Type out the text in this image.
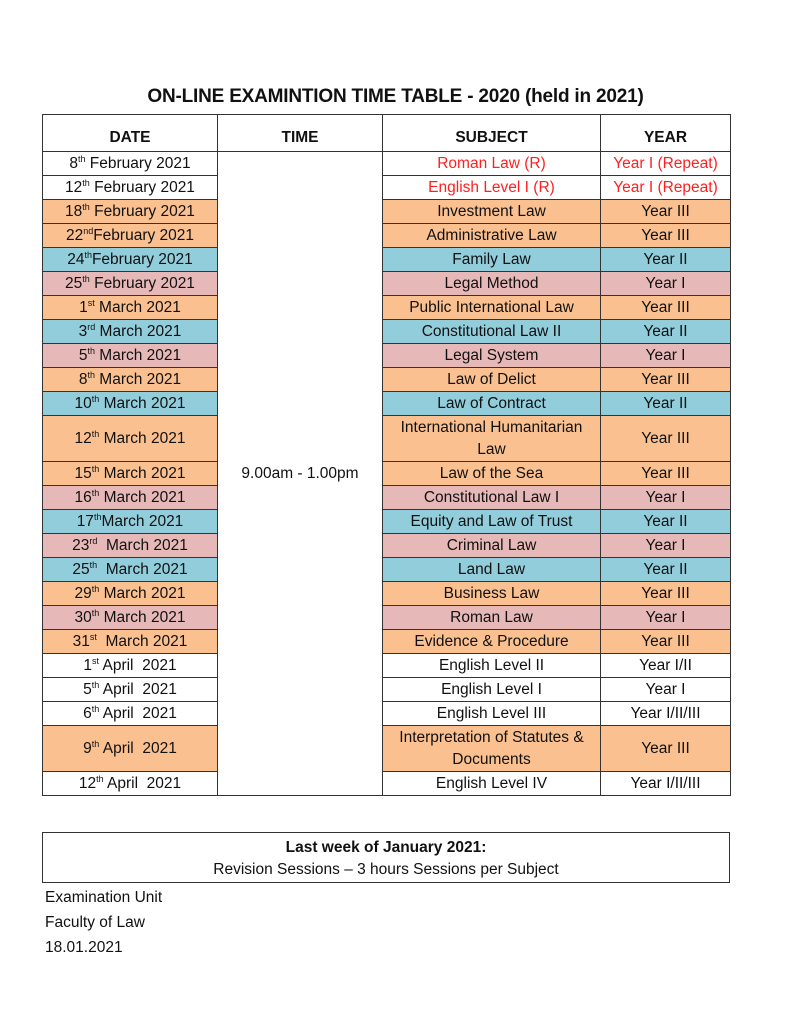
ON-LINE EXAMINTION TIME TABLE - 2020 (held in 2021)
DATE	TIME	SUBJECT	YEAR
8th February 2021	9.00am - 1.00pm	Roman Law (R)	Year I (Repeat)
12th February 2021		English Level I (R)	Year I (Repeat)
18th February 2021		Investment Law	Year III
22ndFebruary 2021		Administrative Law	Year III
24thFebruary 2021		Family Law	Year II
25th February 2021		Legal Method	Year I
1st March 2021		Public International Law	Year III
3rd March 2021		Constitutional Law II	Year II
5th March 2021		Legal System	Year I
8th March 2021		Law of Delict	Year III
10th March 2021		Law of Contract	Year II
12th March 2021		International Humanitarian Law	Year III
15th March 2021		Law of the Sea	Year III
16th March 2021		Constitutional Law I	Year I
17thMarch 2021		Equity and Law of Trust	Year II
23rd  March 2021		Criminal Law	Year I
25th  March 2021		Land Law	Year II
29th March 2021		Business Law	Year III
30th March 2021		Roman Law	Year I
31st  March 2021		Evidence & Procedure	Year III
1st April  2021		English Level II	Year I/II
5th April  2021		English Level I	Year I
6th April  2021		English Level III	Year I/II/III
9th April  2021		Interpretation of Statutes & Documents	Year III
12th April  2021		English Level IV	Year I/II/III
Last week of January 2021:
Revision Sessions – 3 hours Sessions per Subject
Examination Unit
Faculty of Law
18.01.2021
